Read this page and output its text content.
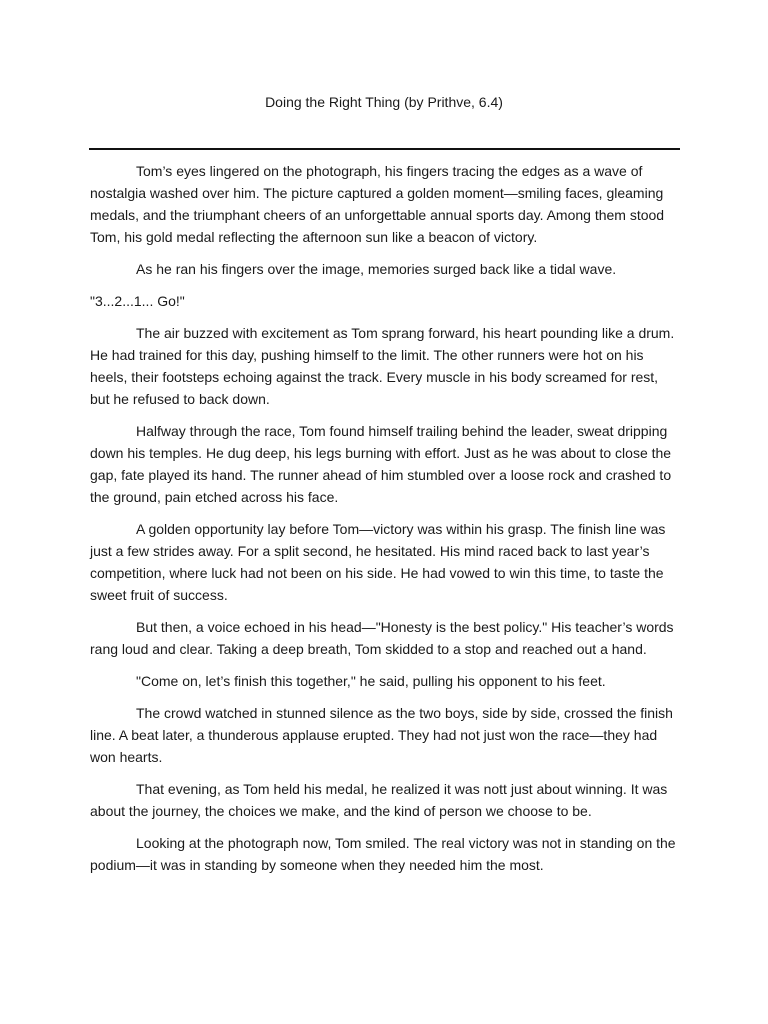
Doing the Right Thing (by Prithve, 6.4)

Tom’s eyes lingered on the photograph, his fingers tracing the edges as a wave of nostalgia washed over him. The picture captured a golden moment—smiling faces, gleaming medals, and the triumphant cheers of an unforgettable annual sports day. Among them stood Tom, his gold medal reflecting the afternoon sun like a beacon of victory.

As he ran his fingers over the image, memories surged back like a tidal wave.

"3...2...1... Go!"

The air buzzed with excitement as Tom sprang forward, his heart pounding like a drum. He had trained for this day, pushing himself to the limit. The other runners were hot on his heels, their footsteps echoing against the track. Every muscle in his body screamed for rest, but he refused to back down.

Halfway through the race, Tom found himself trailing behind the leader, sweat dripping down his temples. He dug deep, his legs burning with effort. Just as he was about to close the gap, fate played its hand. The runner ahead of him stumbled over a loose rock and crashed to the ground, pain etched across his face.

A golden opportunity lay before Tom—victory was within his grasp. The finish line was just a few strides away. For a split second, he hesitated. His mind raced back to last year’s competition, where luck had not been on his side. He had vowed to win this time, to taste the sweet fruit of success.

But then, a voice echoed in his head—"Honesty is the best policy." His teacher’s words rang loud and clear. Taking a deep breath, Tom skidded to a stop and reached out a hand.

"Come on, let’s finish this together," he said, pulling his opponent to his feet.

The crowd watched in stunned silence as the two boys, side by side, crossed the finish line. A beat later, a thunderous applause erupted. They had not just won the race—they had won hearts.

That evening, as Tom held his medal, he realized it was nott just about winning. It was about the journey, the choices we make, and the kind of person we choose to be.

Looking at the photograph now, Tom smiled. The real victory was not in standing on the podium—it was in standing by someone when they needed him the most.
